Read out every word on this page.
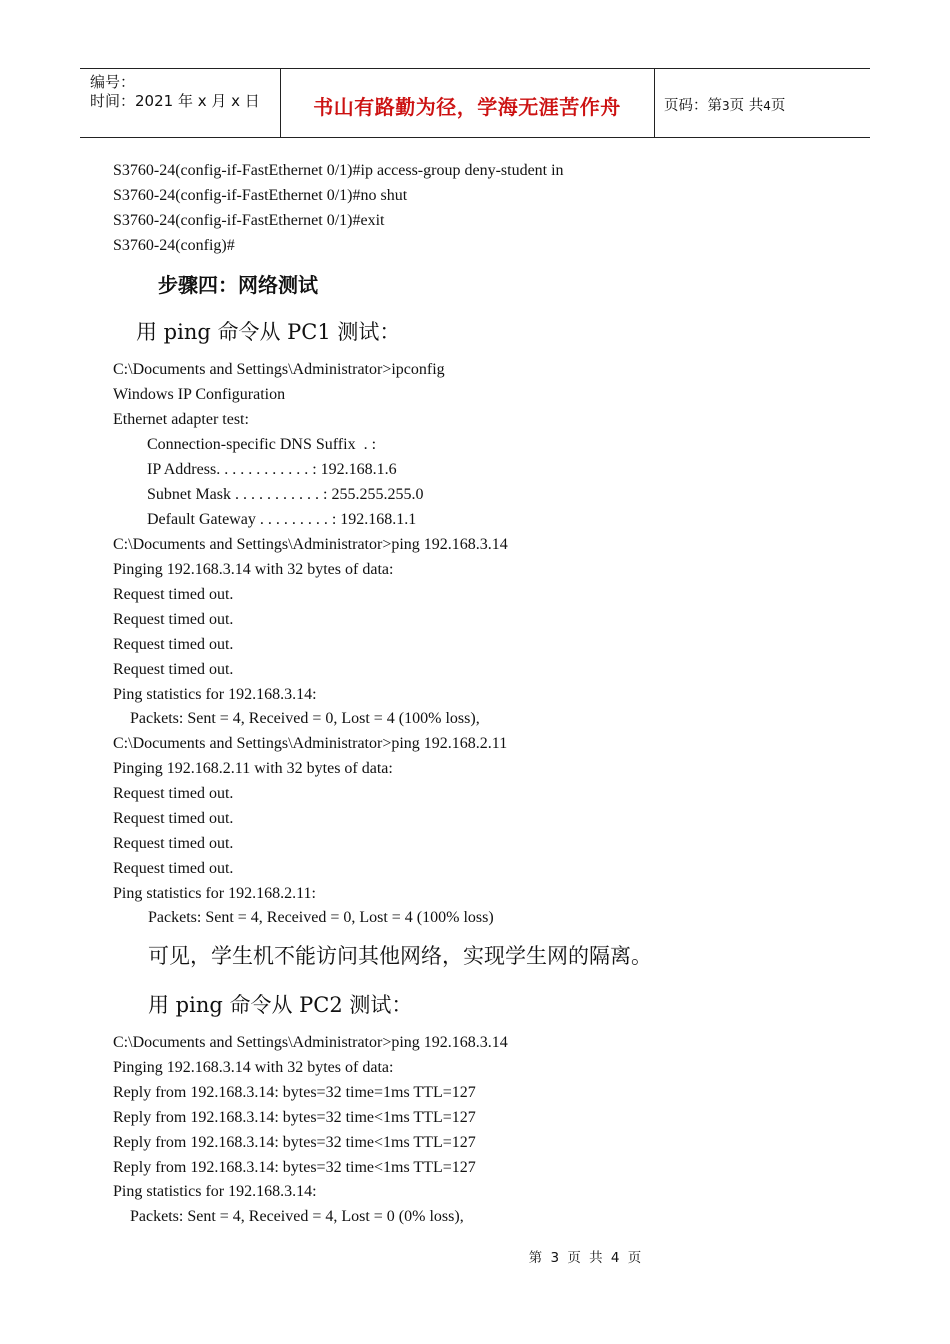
编号：
时间：2021 年 x 月 x 日	书山有路勤为径，学海无涯苦作舟	页码：第3页 共4页
S3760-24(config-if-FastEthernet 0/1)#ip access-group deny-student in
S3760-24(config-if-FastEthernet 0/1)#no shut
S3760-24(config-if-FastEthernet 0/1)#exit
S3760-24(config)#
步骤四：网络测试
用 ping 命令从 PC1 测试：
C:\Documents and Settings\Administrator>ipconfig
Windows IP Configuration
Ethernet adapter test:
Connection-specific DNS Suffix  . :
IP Address. . . . . . . . . . . . : 192.168.1.6
Subnet Mask . . . . . . . . . . . : 255.255.255.0
Default Gateway . . . . . . . . . : 192.168.1.1
C:\Documents and Settings\Administrator>ping 192.168.3.14
Pinging 192.168.3.14 with 32 bytes of data:
Request timed out.
Request timed out.
Request timed out.
Request timed out.
Ping statistics for 192.168.3.14:
Packets: Sent = 4, Received = 0, Lost = 4 (100% loss),
C:\Documents and Settings\Administrator>ping 192.168.2.11
Pinging 192.168.2.11 with 32 bytes of data:
Request timed out.
Request timed out.
Request timed out.
Request timed out.
Ping statistics for 192.168.2.11:
Packets: Sent = 4, Received = 0, Lost = 4 (100% loss)
可见，学生机不能访问其他网络，实现学生网的隔离。
用 ping 命令从 PC2 测试：
C:\Documents and Settings\Administrator>ping 192.168.3.14
Pinging 192.168.3.14 with 32 bytes of data:
Reply from 192.168.3.14: bytes=32 time=1ms TTL=127
Reply from 192.168.3.14: bytes=32 time<1ms TTL=127
Reply from 192.168.3.14: bytes=32 time<1ms TTL=127
Reply from 192.168.3.14: bytes=32 time<1ms TTL=127
Ping statistics for 192.168.3.14:
Packets: Sent = 4, Received = 4, Lost = 0 (0% loss),
第 3 页 共 4 页
